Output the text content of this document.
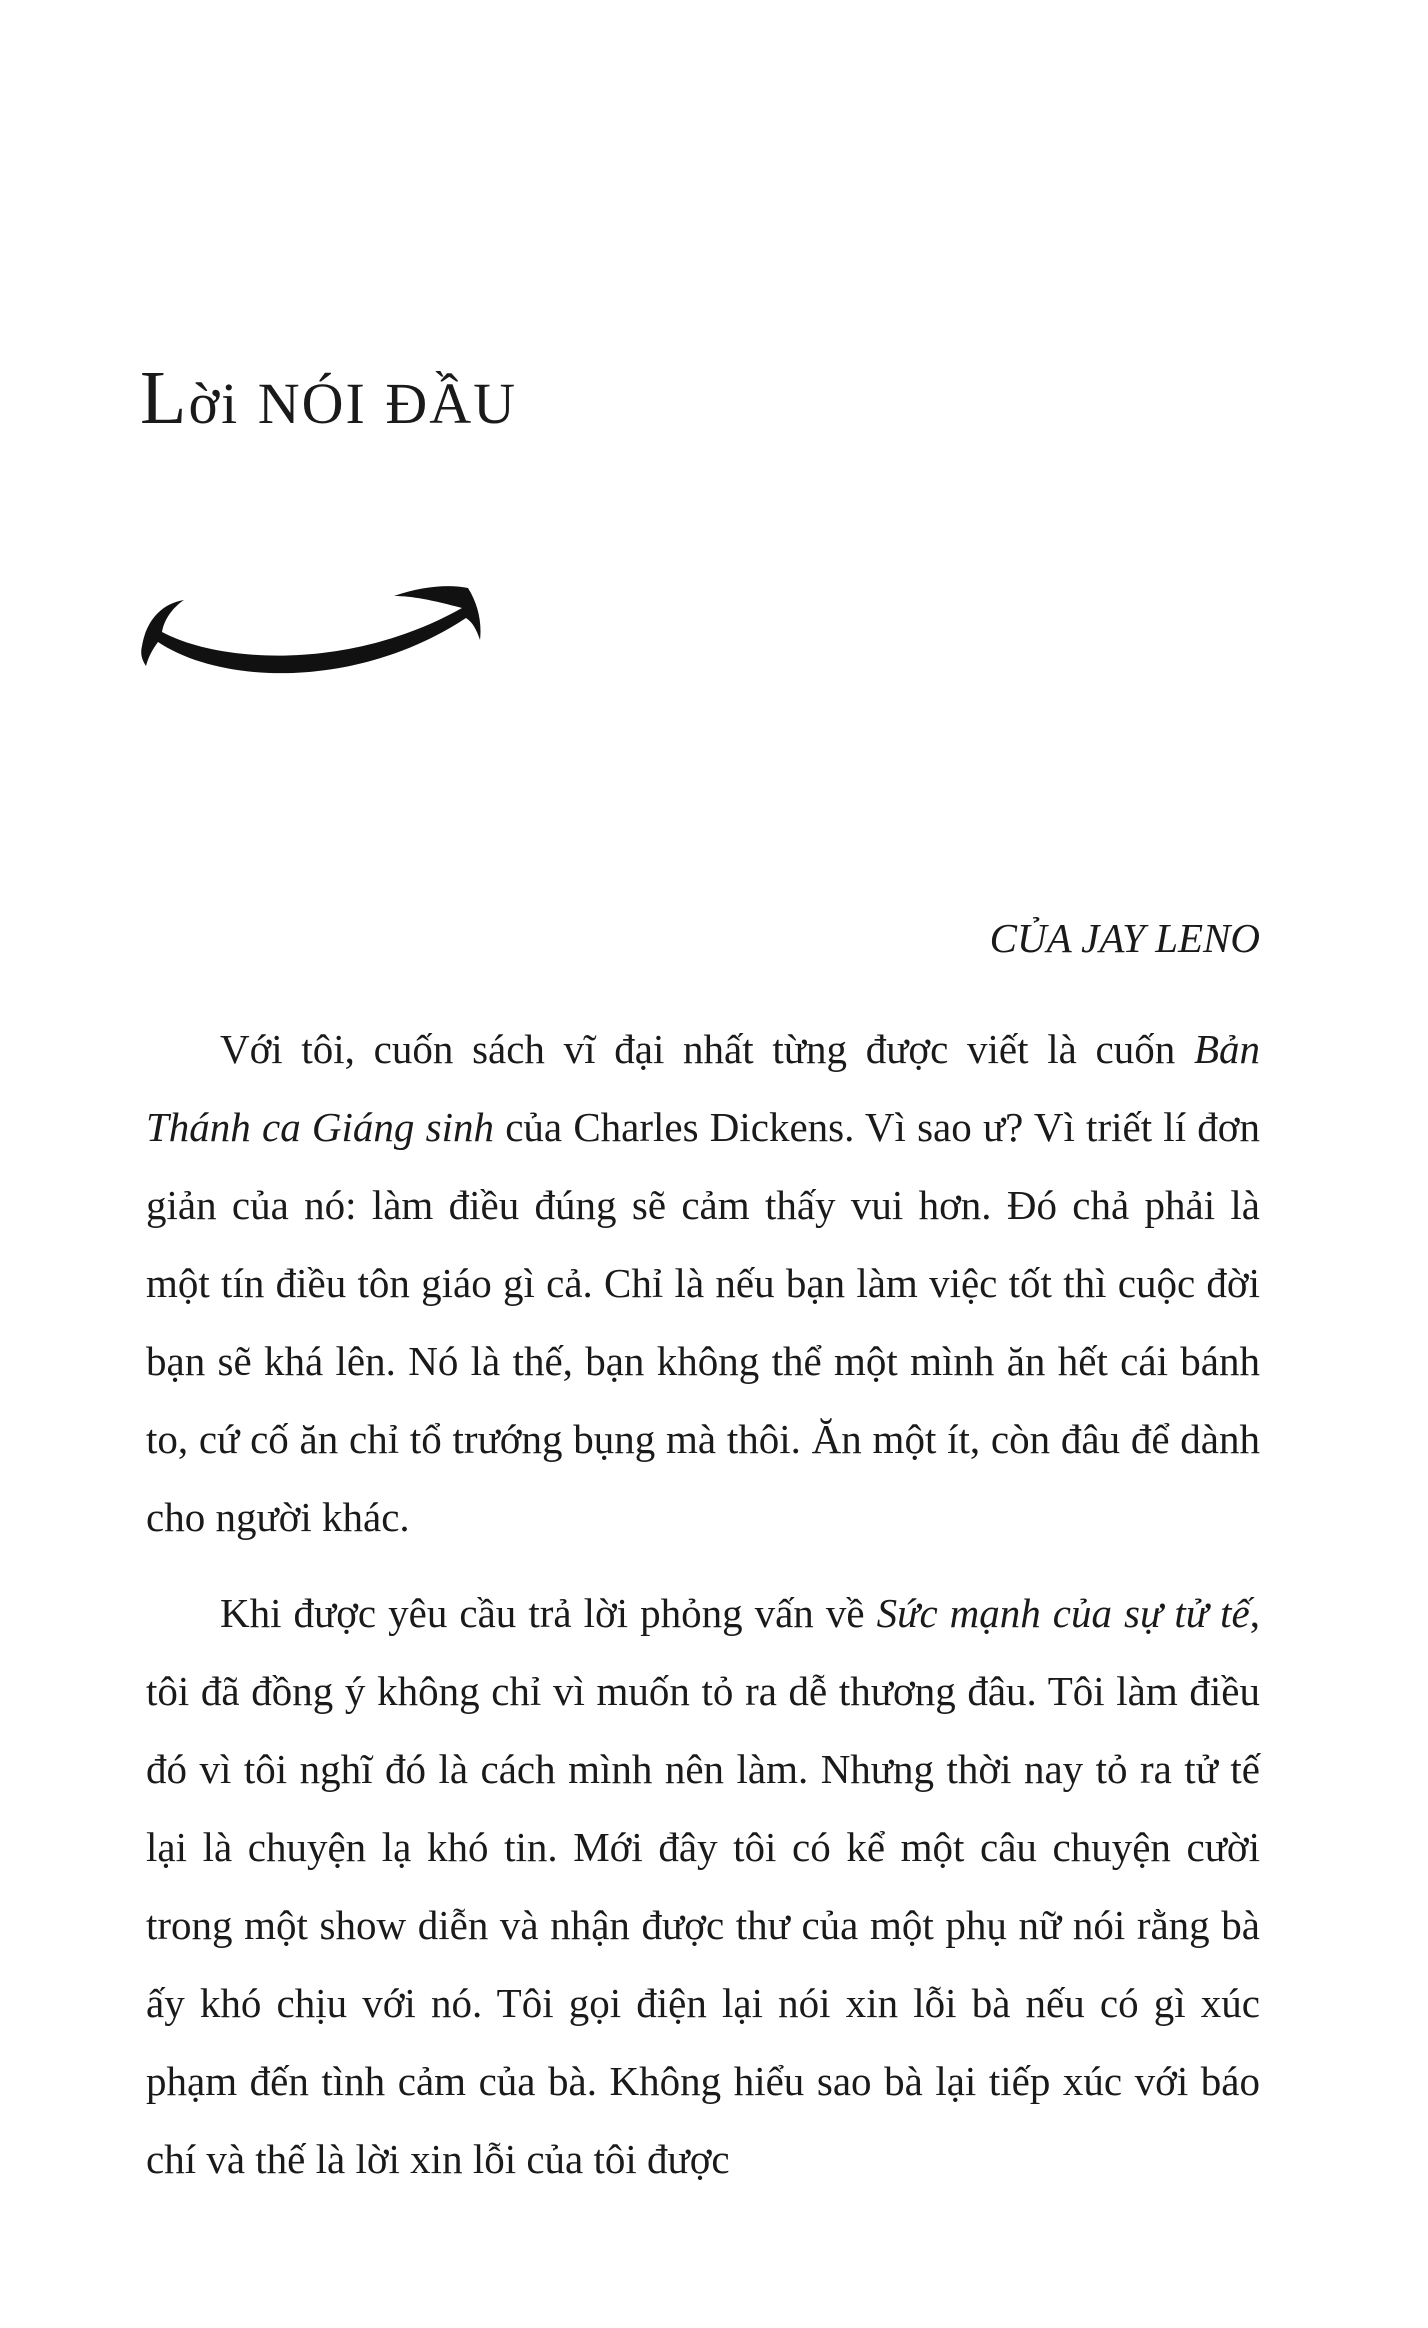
Lời NÓI ĐẦU

CỦA JAY LENO

Với tôi, cuốn sách vĩ đại nhất từng được viết là cuốn Bản Thánh ca Giáng sinh của Charles Dickens. Vì sao ư? Vì triết lí đơn giản của nó: làm điều đúng sẽ cảm thấy vui hơn. Đó chả phải là một tín điều tôn giáo gì cả. Chỉ là nếu bạn làm việc tốt thì cuộc đời bạn sẽ khá lên. Nó là thế, bạn không thể một mình ăn hết cái bánh to, cứ cố ăn chỉ tổ trướng bụng mà thôi. Ăn một ít, còn đâu để dành cho người khác.

Khi được yêu cầu trả lời phỏng vấn về Sức mạnh của sự tử tế, tôi đã đồng ý không chỉ vì muốn tỏ ra dễ thương đâu. Tôi làm điều đó vì tôi nghĩ đó là cách mình nên làm. Nhưng thời nay tỏ ra tử tế lại là chuyện lạ khó tin. Mới đây tôi có kể một câu chuyện cười trong một show diễn và nhận được thư của một phụ nữ nói rằng bà ấy khó chịu với nó. Tôi gọi điện lại nói xin lỗi bà nếu có gì xúc phạm đến tình cảm của bà. Không hiểu sao bà lại tiếp xúc với báo chí và thế là lời xin lỗi của tôi được
